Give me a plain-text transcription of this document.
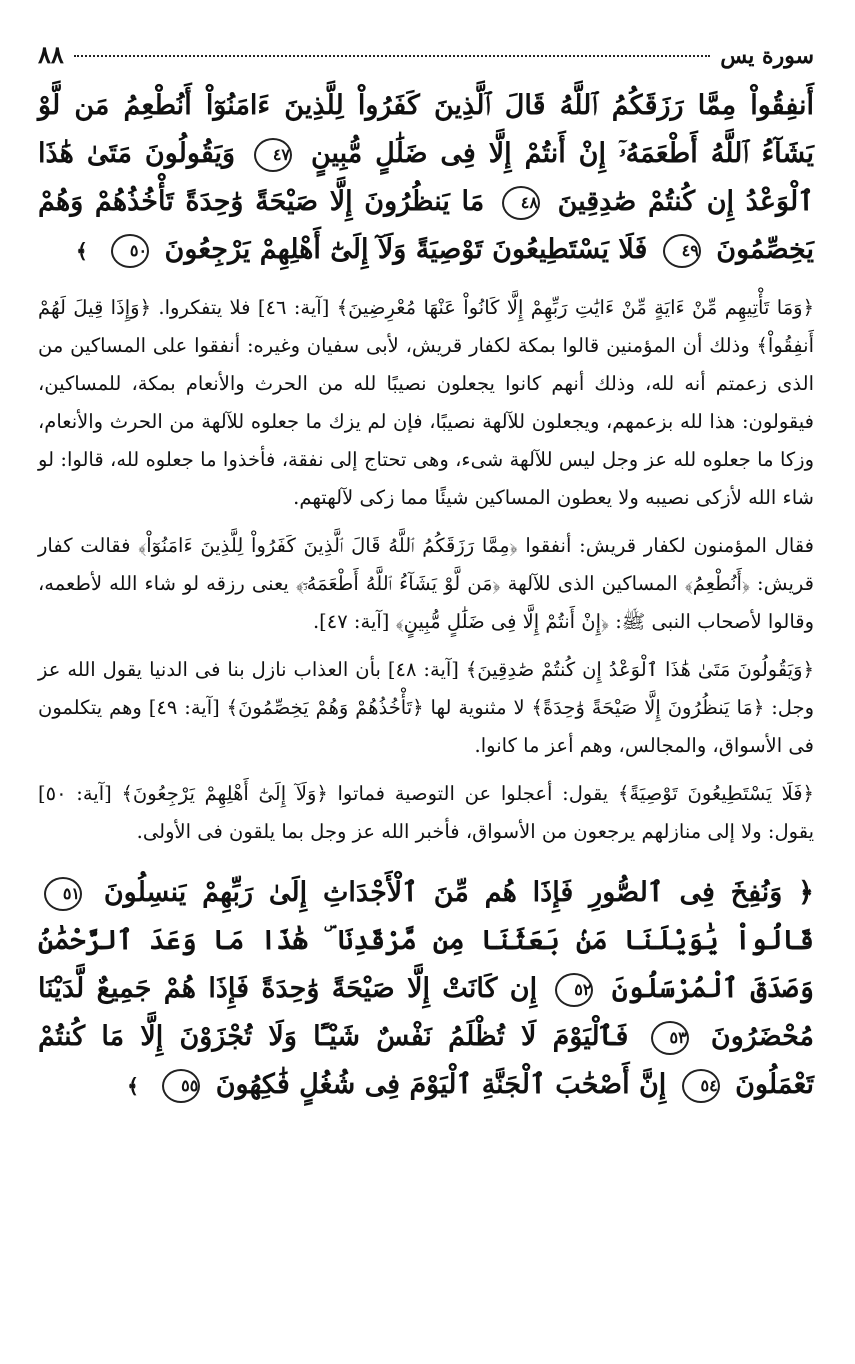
سورة يس
٨٨
أَنفِقُواْ مِمَّا رَزَقَكُمُ ٱللَّهُ قَالَ ٱلَّذِينَ كَفَرُواْ لِلَّذِينَ ءَامَنُوٓاْ أَنُطْعِمُ مَن لَّوْ يَشَآءُ ٱللَّهُ أَطْعَمَهُۥٓ إِنْ أَنتُمْ إِلَّا فِى ضَلَٰلٍ مُّبِينٍ ٤٧ وَيَقُولُونَ مَتَىٰ هَٰذَا ٱلْوَعْدُ إِن كُنتُمْ صَٰدِقِينَ ٤٨ مَا يَنظُرُونَ إِلَّا صَيْحَةً وَٰحِدَةً تَأْخُذُهُمْ وَهُمْ يَخِصِّمُونَ ٤٩ فَلَا يَسْتَطِيعُونَ تَوْصِيَةً وَلَآ إِلَىٰٓ أَهْلِهِمْ يَرْجِعُونَ ٥٠ ﴾
﴿وَمَا تَأْتِيهِم مِّنْ ءَايَةٍ مِّنْ ءَايَٰتِ رَبِّهِمْ إِلَّا كَانُواْ عَنْهَا مُعْرِضِينَ﴾ [آية: ٤٦] فلا يتفكروا. ﴿وَإِذَا قِيلَ لَهُمْ أَنفِقُواْ﴾ وذلك أن المؤمنين قالوا بمكة لكفار قريش، لأبى سفيان وغيره: أنفقوا على المساكين من الذى زعمتم أنه لله، وذلك أنهم كانوا يجعلون نصيبًا لله من الحرث والأنعام بمكة، للمساكين، فيقولون: هذا لله بزعمهم، ويجعلون للآلهة نصيبًا، فإن لم يزك ما جعلوه للآلهة من الحرث والأنعام، وزكا ما جعلوه لله عز وجل ليس للآلهة شىء، وهى تحتاج إلى نفقة، فأخذوا ما جعلوه لله، قالوا: لو شاء الله لأزكى نصيبه ولا يعطون المساكين شيئًا مما زكى لآلهتهم.
فقال المؤمنون لكفار قريش: أنفقوا ﴿مِمَّا رَزَقَكُمُ ٱللَّهُ قَالَ ٱلَّذِينَ كَفَرُواْ لِلَّذِينَ ءَامَنُوٓاْ﴾ فقالت كفار قريش: ﴿أَنُطْعِمُ﴾ المساكين الذى للآلهة ﴿مَن لَّوْ يَشَآءُ ٱللَّهُ أَطْعَمَهُۥٓ﴾ يعنى رزقه لو شاء الله لأطعمه، وقالوا لأصحاب النبى ﷺ: ﴿إِنْ أَنتُمْ إِلَّا فِى ضَلَٰلٍ مُّبِينٍ﴾ [آية: ٤٧].
﴿وَيَقُولُونَ مَتَىٰ هَٰذَا ٱلْوَعْدُ إِن كُنتُمْ صَٰدِقِينَ﴾ [آية: ٤٨] بأن العذاب نازل بنا فى الدنيا يقول الله عز وجل: ﴿مَا يَنظُرُونَ إِلَّا صَيْحَةً وَٰحِدَةً﴾ لا مثنوية لها ﴿تَأْخُذُهُمْ وَهُمْ يَخِصِّمُونَ﴾ [آية: ٤٩] وهم يتكلمون فى الأسواق، والمجالس، وهم أعز ما كانوا.
﴿فَلَا يَسْتَطِيعُونَ تَوْصِيَةً﴾ يقول: أعجلوا عن التوصية فماتوا ﴿وَلَآ إِلَىٰٓ أَهْلِهِمْ يَرْجِعُونَ﴾ [آية: ٥٠] يقول: ولا إلى منازلهم يرجعون من الأسواق، فأخبر الله عز وجل بما يلقون فى الأولى.
﴿ وَنُفِخَ فِى ٱلصُّورِ فَإِذَا هُم مِّنَ ٱلْأَجْدَاثِ إِلَىٰ رَبِّهِمْ يَنسِلُونَ ٥١ قَالُواْ يَٰوَيْلَنَا مَنۢ بَعَثَنَا مِن مَّرْقَدِنَا ۜ هَٰذَا مَا وَعَدَ ٱلرَّحْمَٰنُ وَصَدَقَ ٱلْمُرْسَلُونَ ٥٢ إِن كَانَتْ إِلَّا صَيْحَةً وَٰحِدَةً فَإِذَا هُمْ جَمِيعٌ لَّدَيْنَا مُحْضَرُونَ ٥٣ فَٱلْيَوْمَ لَا تُظْلَمُ نَفْسٌ شَيْـًٔا وَلَا تُجْزَوْنَ إِلَّا مَا كُنتُمْ تَعْمَلُونَ ٥٤ إِنَّ أَصْحَٰبَ ٱلْجَنَّةِ ٱلْيَوْمَ فِى شُغُلٍ فَٰكِهُونَ ٥٥ ﴾
